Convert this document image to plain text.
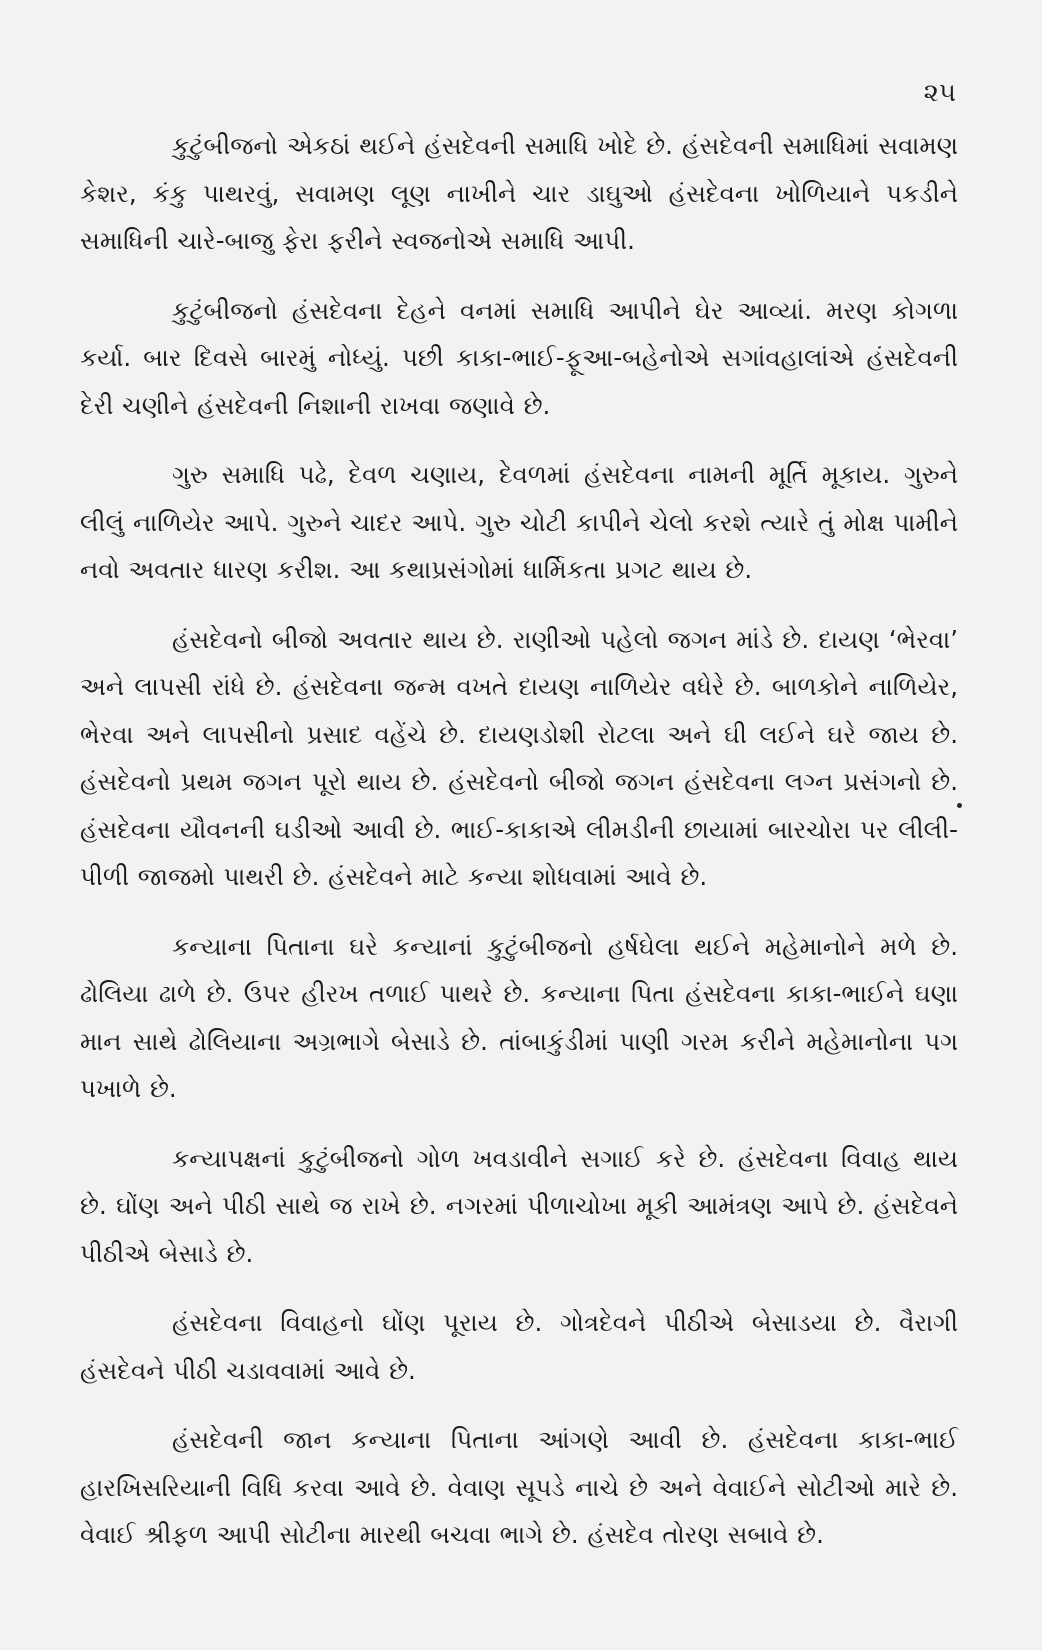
૨૫

કુટુંબીજનો એકઠાં થઈને હંસદેવની સમાધિ ખોદે છે. હંસદેવની સમાધિમાં સવામણ કેશર, કંકુ પાથરવું, સવામણ લૂણ નાખીને ચાર ડાઘુઓ હંસદેવના ખોળિયાને પકડીને સમાધિની ચારે-બાજુ ફેરા ફરીને સ્વજનોએ સમાધિ આપી.

કુટુંબીજનો હંસદેવના દેહને વનમાં સમાધિ આપીને ઘેર આવ્યાં. મરણ કોગળા કર્યા. બાર દિવસે બારમું નોધ્યું. પછી કાકા-ભાઈ-ફૂઆ-બહેનોએ સગાંવહાલાંએ હંસદેવની દેરી ચણીને હંસદેવની નિશાની રાખવા જણાવે છે.

ગુરુ સમાધિ પઢે, દેવળ ચણાય, દેવળમાં હંસદેવના નામની મૂર્તિ મૂકાય. ગુરુને લીલું નાળિયેર આપે. ગુરુને ચાદર આપે. ગુરુ ચોટી કાપીને ચેલો કરશે ત્યારે તું મોક્ષ પામીને નવો અવતાર ધારણ કરીશ. આ કથાપ્રસંગોમાં ધાર્મિકતા પ્રગટ થાય છે.

હંસદેવનો બીજો અવતાર થાય છે. રાણીઓ પહેલો જગન માંડે છે. દાયણ ‘ભેરવા’ અને લાપસી રાંધે છે. હંસદેવના જન્મ વખતે દાયણ નાળિયેર વધેરે છે. બાળકોને નાળિયેર, ભેરવા અને લાપસીનો પ્રસાદ વહેંચે છે. દાયણડોશી રોટલા અને ઘી લઈને ઘરે જાય છે. હંસદેવનો પ્રથમ જગન પૂરો થાય છે. હંસદેવનો બીજો જગન હંસદેવના લગ્ન પ્રસંગનો છે. હંસદેવના યૌવનની ઘડીઓ આવી છે. ભાઈ-કાકાએ લીમડીની છાયામાં બારચોરા પર લીલી-પીળી જાજમો પાથરી છે. હંસદેવને માટે કન્યા શોધવામાં આવે છે.

કન્યાના પિતાના ઘરે કન્યાનાં કુટુંબીજનો હર્ષઘેલા થઈને મહેમાનોને મળે છે. ઢોલિયા ઢાળે છે. ઉપર હીરખ તળાઈ પાથરે છે. કન્યાના પિતા હંસદેવના કાકા-ભાઈને ઘણા માન સાથે ઢોલિયાના અગ્રભાગે બેસાડે છે. તાંબાકુંડીમાં પાણી ગરમ કરીને મહેમાનોના પગ પખાળે છે.

કન્યાપક્ષનાં કુટુંબીજનો ગોળ ખવડાવીને સગાઈ કરે છે. હંસદેવના વિવાહ થાય છે. ઘોંણ અને પીઠી સાથે જ રાખે છે. નગરમાં પીળાચોખા મૂકી આમંત્રણ આપે છે. હંસદેવને પીઠીએ બેસાડે છે.

હંસદેવના વિવાહનો ઘોંણ પૂરાય છે. ગોત્રદેવને પીઠીએ બેસાડયા છે. વૈરાગી હંસદેવને પીઠી ચડાવવામાં આવે છે.

હંસદેવની જાન કન્યાના પિતાના આંગણે આવી છે. હંસદેવના કાકા-ભાઈ હારખિસરિયાની વિધિ કરવા આવે છે. વેવાણ સૂપડે નાચે છે અને વેવાઈને સોટીઓ મારે છે. વેવાઈ શ્રીફળ આપી સોટીના મારથી બચવા ભાગે છે. હંસદેવ તોરણ સબાવે છે.
